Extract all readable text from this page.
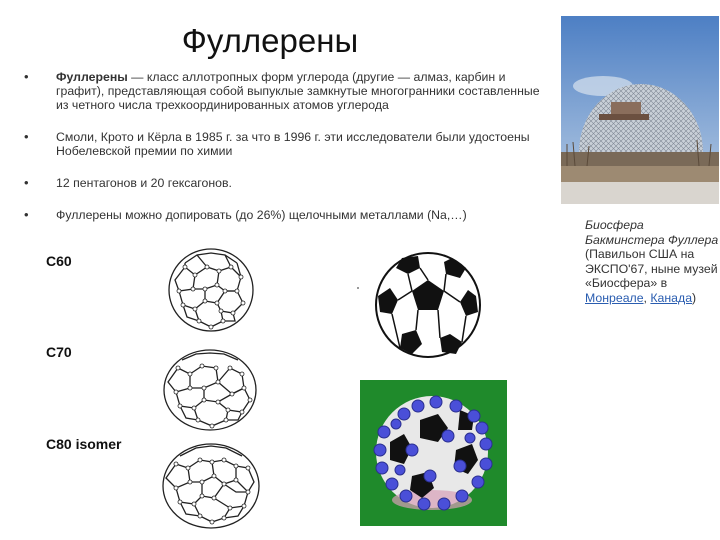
Фуллерены
• Фуллерены — класс аллотропных форм углерода (другие — алмаз, карбин и графит), представляющая собой выпуклые замкнутые многогранники составленные из четного числа трехкоординированных атомов углерода
• Смоли, Крото и Кёрла в 1985 г. за что в 1996 г. эти исследователи были удостоены Нобелевской премии по химии
• 12 пентагонов и 20 гексагонов.
• Фуллерены можно допировать (до 26%) щелочными металлами (Na,…)
C60
C70
C80 isomer
Биосфера Бакминстера Фуллера (Павильон США на ЭКСПО'67, ныне музей «Биосфера» в Монреале, Канада)
